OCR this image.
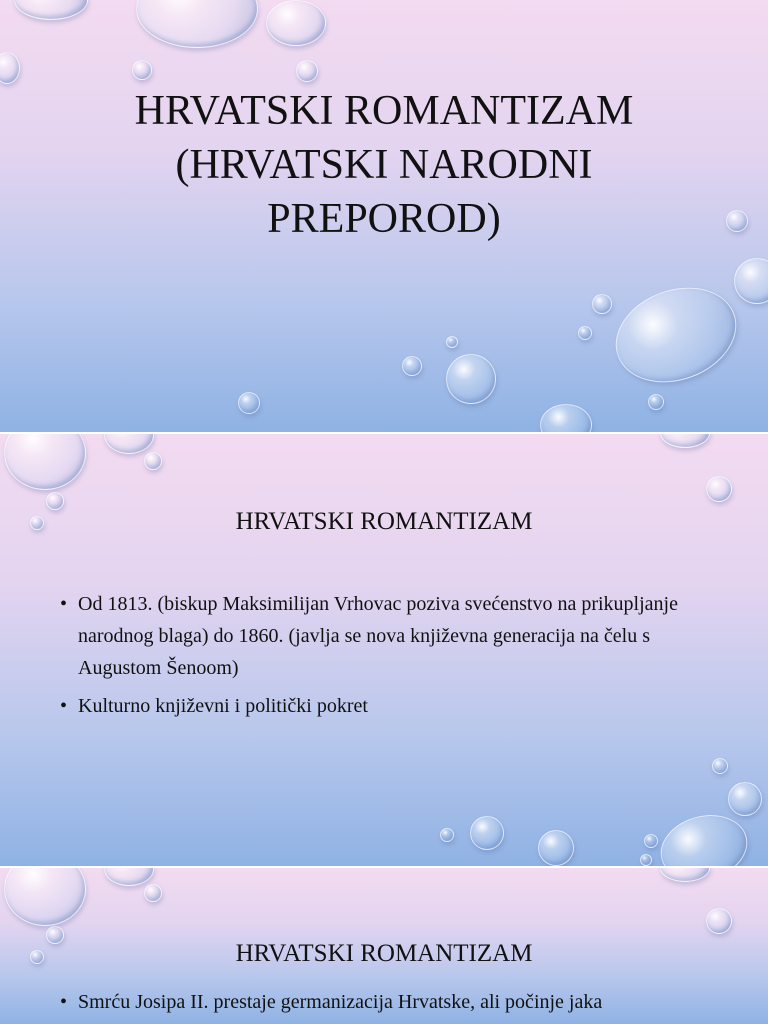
HRVATSKI ROMANTIZAM
(HRVATSKI NARODNI
PREPOROD)
HRVATSKI ROMANTIZAM
• Od 1813. (biskup Maksimilijan Vrhovac poziva svećenstvo na prikupljanje narodnog blaga) do 1860. (javlja se nova književna generacija na čelu s Augustom Šenoom)
• Kulturno književni i politički pokret
HRVATSKI ROMANTIZAM
• Smrću Josipa II. prestaje germanizacija Hrvatske, ali počinje jaka
